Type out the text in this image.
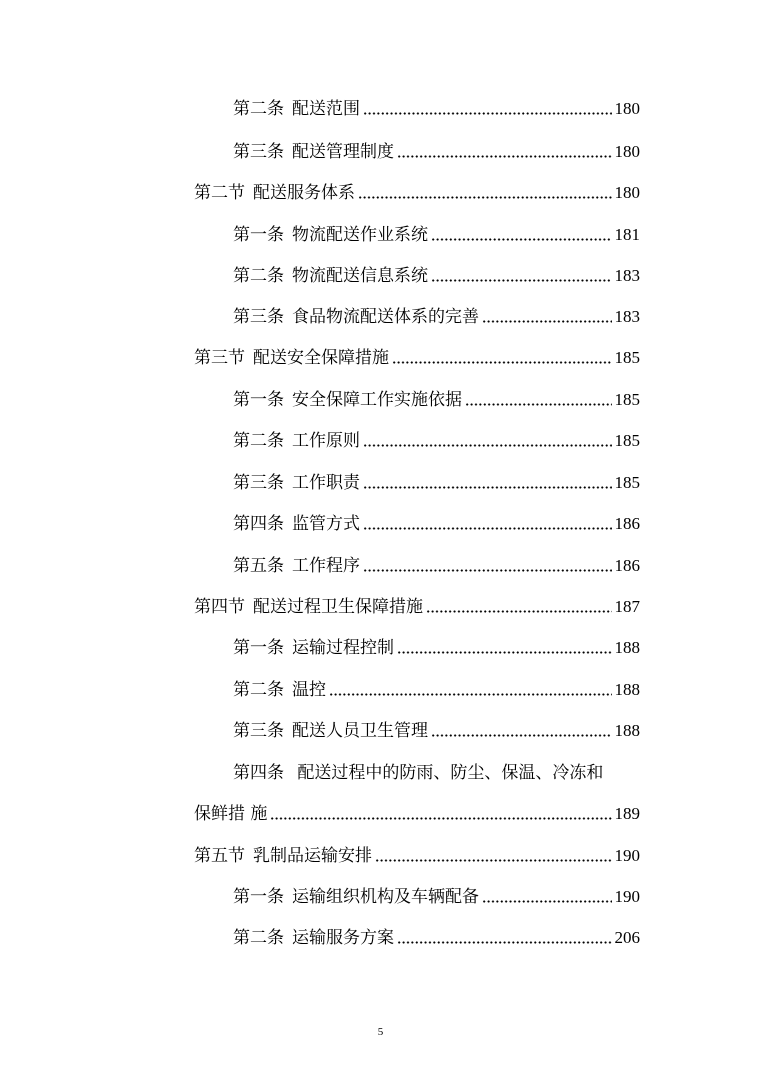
第二条 配送范围	180
第三条 配送管理制度	180
第二节 配送服务体系	180
第一条 物流配送作业系统	181
第二条 物流配送信息系统	183
第三条 食品物流配送体系的完善	183
第三节 配送安全保障措施	185
第一条 安全保障工作实施依据	185
第二条 工作原则	185
第三条 工作职责	185
第四条 监管方式	186
第五条 工作程序	186
第四节 配送过程卫生保障措施	187
第一条 运输过程控制	188
第二条 温控	188
第三条 配送人员卫生管理	188
第四条 配送过程中的防雨、防尘、保温、冷冻和
保鲜措 施	189
第五节 乳制品运输安排	190
第一条 运输组织机构及车辆配备	190
第二条 运输服务方案	206
5
